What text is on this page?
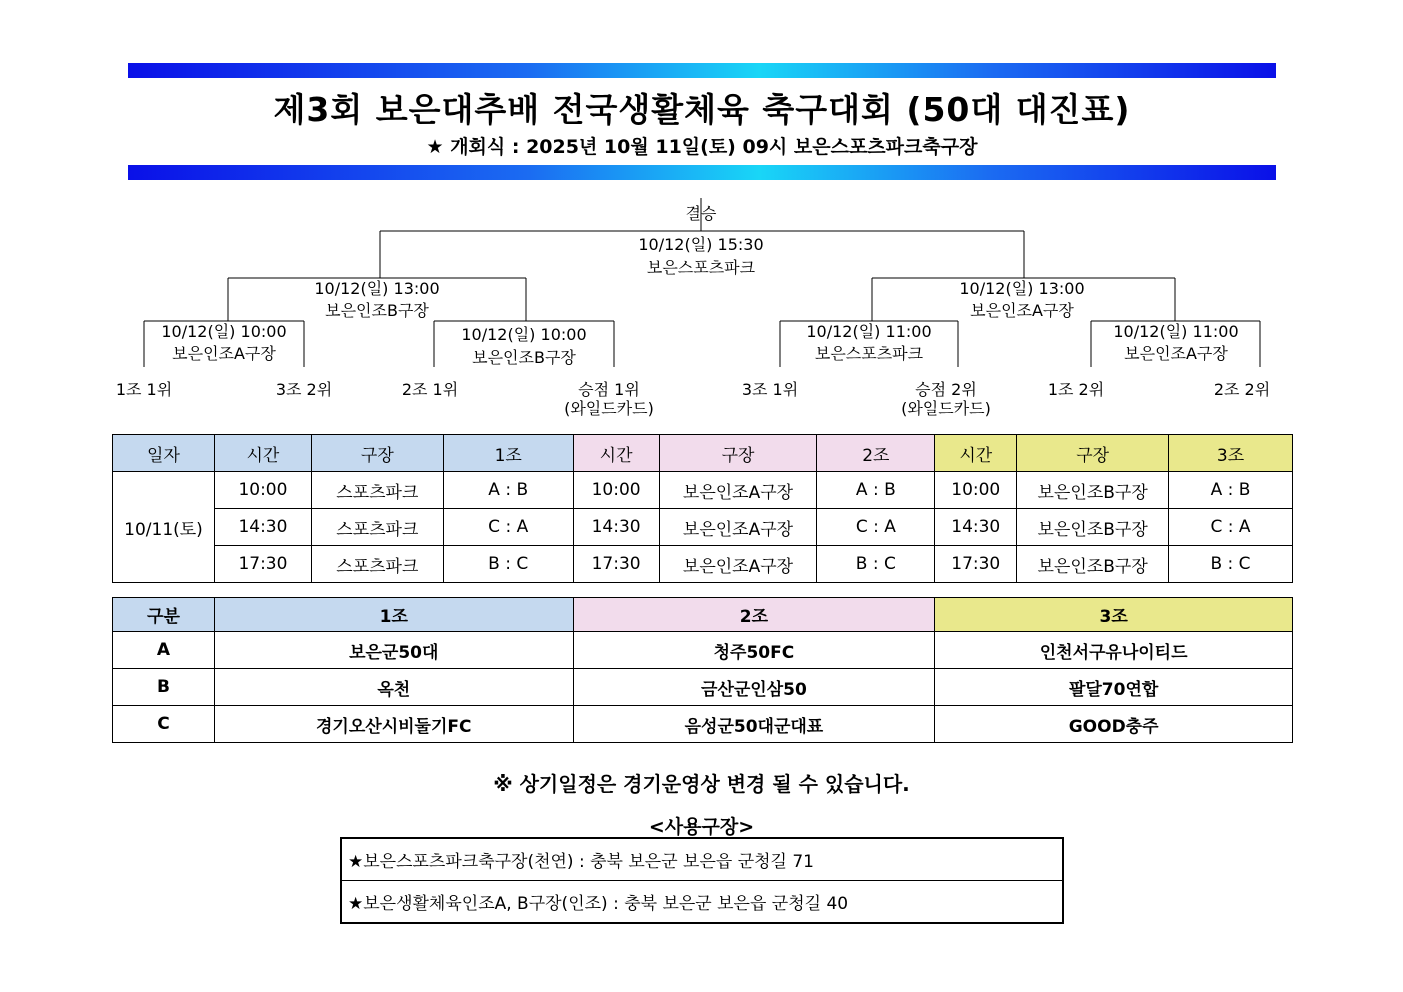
제3회 보은대추배 전국생활체육 축구대회 (50대 대진표)
★ 개회식 : 2025년 10월 11일(토) 09시 보은스포츠파크축구장
결승
10/12(일) 15:30
보은스포츠파크
10/12(일) 13:00
보은인조B구장
10/12(일) 13:00
보은인조A구장
10/12(일) 10:00
보은인조A구장
10/12(일) 10:00
보은인조B구장
10/12(일) 11:00
보은스포츠파크
10/12(일) 11:00
보은인조A구장
1조 1위	3조 2위	2조 1위	승점 1위
(와일드카드)
3조 1위	승점 2위
(와일드카드)
1조 2위	2조 2위
일자	시간	구장	1조	시간	구장	2조	시간	구장	3조
10/11(토)	10:00	스포츠파크	A : B	10:00	보은인조A구장	A : B	10:00	보은인조B구장	A : B
	14:30	스포츠파크	C : A	14:30	보은인조A구장	C : A	14:30	보은인조B구장	C : A
	17:30	스포츠파크	B : C	17:30	보은인조A구장	B : C	17:30	보은인조B구장	B : C
구분	1조	2조	3조
A	보은군50대	청주50FC	인천서구유나이티드
B	옥천	금산군인삼50	팔달70연합
C	경기오산시비둘기FC	음성군50대군대표	GOOD충주
※ 상기일정은 경기운영상 변경 될 수 있습니다.
<사용구장>
★보은스포츠파크축구장(천연) : 충북 보은군 보은읍 군청길 71
★보은생활체육인조A, B구장(인조) : 충북 보은군 보은읍 군청길 40
